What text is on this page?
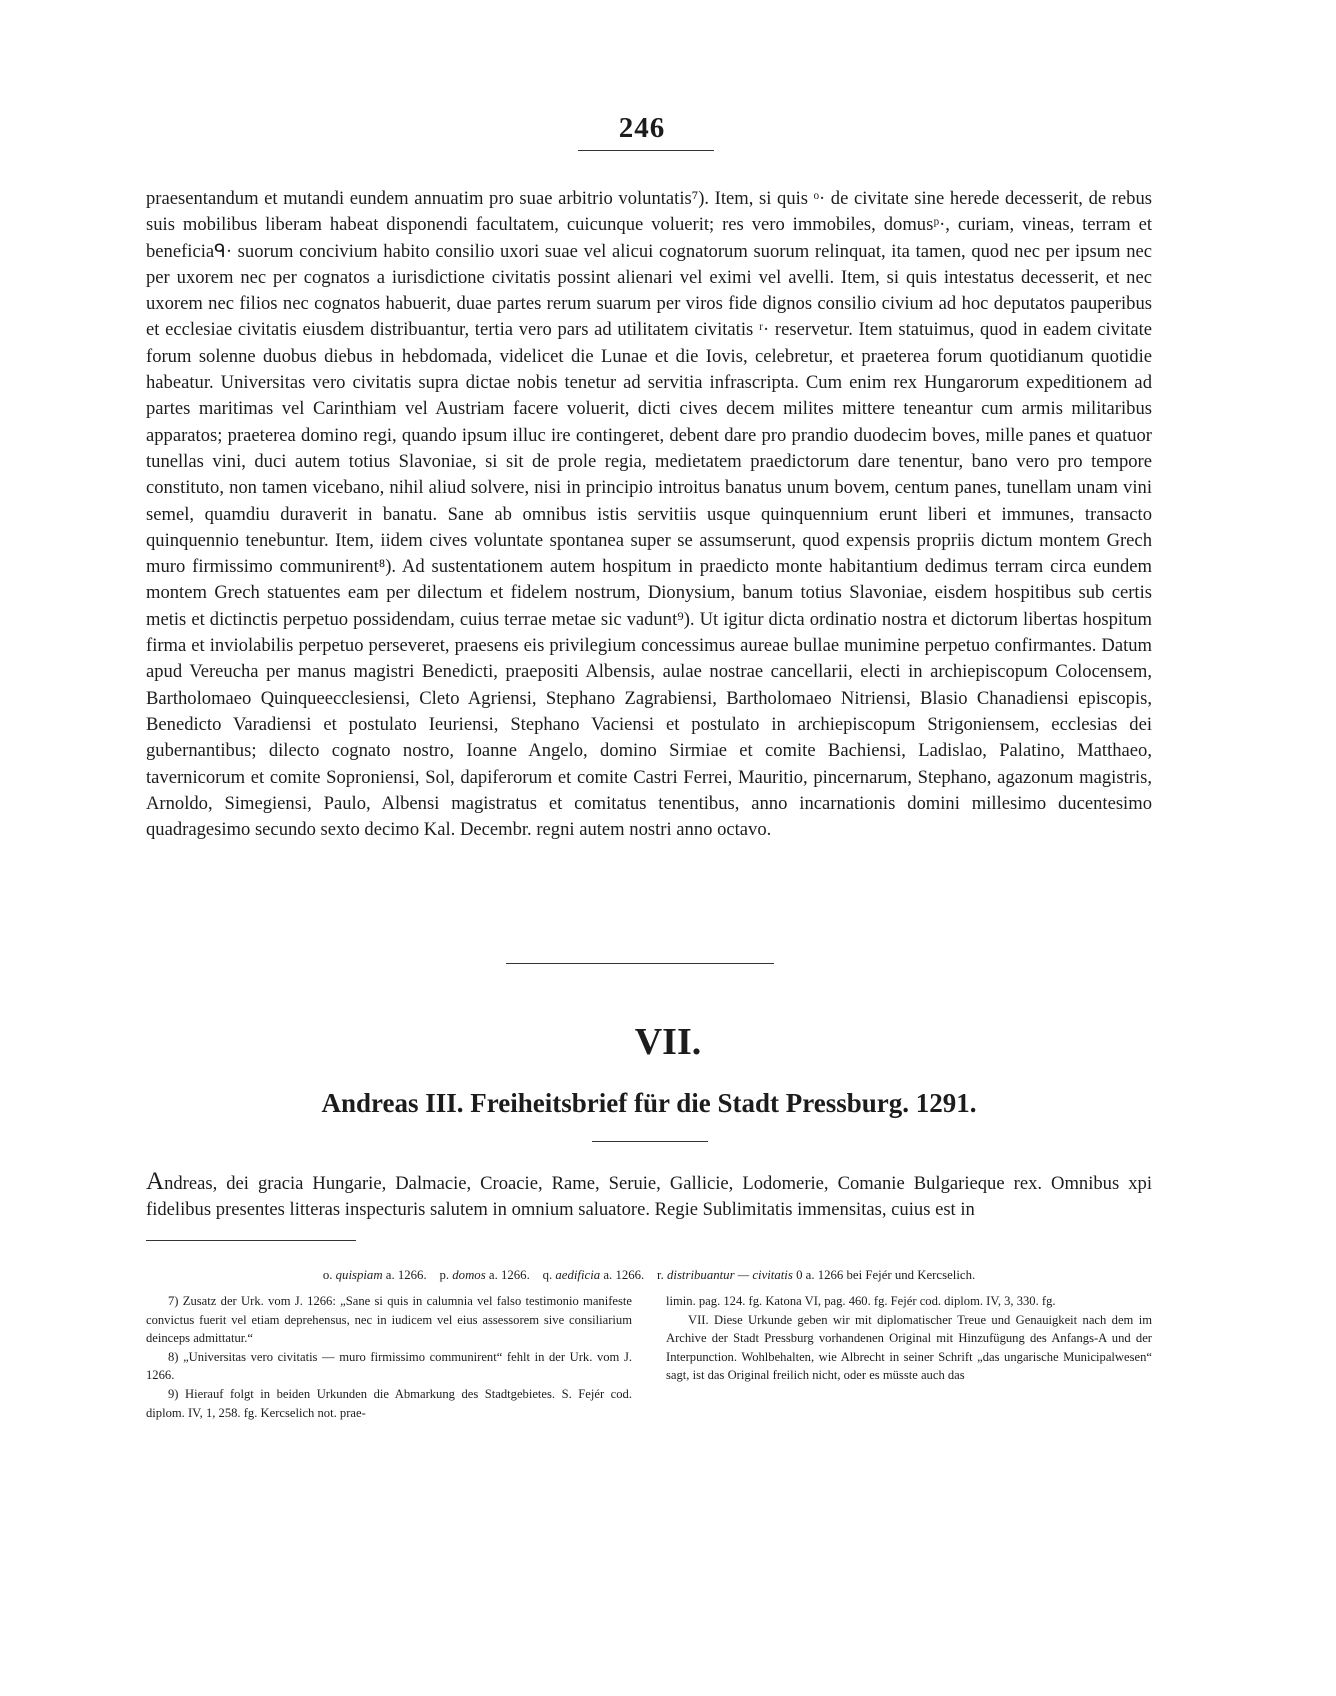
246

praesentandum et mutandi eundem annuatim pro suae arbitrio voluntatis⁷). Item, si quis ᵒ· de civitate sine herede decesserit, de rebus suis mobilibus liberam habeat disponendi facultatem, cuicunque voluerit; res vero immobiles, domusᵖ·, curiam, vineas, terram et beneficiaᑫ· suorum concivium habito consilio uxori suae vel alicui cognatorum suorum relinquat, ita tamen, quod nec per ipsum nec per uxorem nec per cognatos a iurisdictione civitatis possint alienari vel eximi vel avelli. Item, si quis intestatus decesserit, et nec uxorem nec filios nec cognatos habuerit, duae partes rerum suarum per viros fide dignos consilio civium ad hoc deputatos pauperibus et ecclesiae civitatis eiusdem distribuantur, tertia vero pars ad utilitatem civitatis ʳ· reservetur. Item statuimus, quod in eadem civitate forum solenne duobus diebus in hebdomada, videlicet die Lunae et die Iovis, celebretur, et praeterea forum quotidianum quotidie habeatur. Universitas vero civitatis supra dictae nobis tenetur ad servitia infrascripta. Cum enim rex Hungarorum expeditionem ad partes maritimas vel Carinthiam vel Austriam facere voluerit, dicti cives decem milites mittere teneantur cum armis militaribus apparatos; praeterea domino regi, quando ipsum illuc ire contingeret, debent dare pro prandio duodecim boves, mille panes et quatuor tunellas vini, duci autem totius Slavoniae, si sit de prole regia, medietatem praedictorum dare tenentur, bano vero pro tempore constituto, non tamen vicebano, nihil aliud solvere, nisi in principio introitus banatus unum bovem, centum panes, tunellam unam vini semel, quamdiu duraverit in banatu. Sane ab omnibus istis servitiis usque quinquennium erunt liberi et immunes, transacto quinquennio tenebuntur. Item, iidem cives voluntate spontanea super se assumserunt, quod expensis propriis dictum montem Grech muro firmissimo communirent⁸). Ad sustentationem autem hospitum in praedicto monte habitantium dedimus terram circa eundem montem Grech statuentes eam per dilectum et fidelem nostrum, Dionysium, banum totius Slavoniae, eisdem hospitibus sub certis metis et dictinctis perpetuo possidendam, cuius terrae metae sic vadunt⁹). Ut igitur dicta ordinatio nostra et dictorum libertas hospitum firma et inviolabilis perpetuo perseveret, praesens eis privilegium concessimus aureae bullae munimine perpetuo confirmantes. Datum apud Vereucha per manus magistri Benedicti, praepositi Albensis, aulae nostrae cancellarii, electi in archiepiscopum Colocensem, Bartholomaeo Quinqueecclesiensi, Cleto Agriensi, Stephano Zagrabiensi, Bartholomaeo Nitriensi, Blasio Chanadiensi episcopis, Benedicto Varadiensi et postulato Ieuriensi, Stephano Vaciensi et postulato in archiepiscopum Strigoniensem, ecclesias dei gubernantibus; dilecto cognato nostro, Ioanne Angelo, domino Sirmiae et comite Bachiensi, Ladislao, Palatino, Matthaeo, tavernicorum et comite Soproniensi, Sol, dapiferorum et comite Castri Ferrei, Mauritio, pincernarum, Stephano, agazonum magistris, Arnoldo, Simegiensi, Paulo, Albensi magistratus et comitatus tenentibus, anno incarnationis domini millesimo ducentesimo quadragesimo secundo sexto decimo Kal. Decembr. regni autem nostri anno octavo.

VII.
Andreas III. Freiheitsbrief für die Stadt Pressburg. 1291.

Andreas, dei gracia Hungarie, Dalmacie, Croacie, Rame, Seruie, Gallicie, Lodomerie, Comanie Bulgarieque rex. Omnibus xpi fidelibus presentes litteras inspecturis salutem in omnium saluatore. Regie Sublimitatis immensitas, cuius est in

o. quispiam a. 1266. p. domos a. 1266. q. aedificia a. 1266. r. distribuantur — civitatis 0 a. 1266 bei Fejér und Kercselich.

7) Zusatz der Urk. vom J. 1266: „Sane si quis in calumnia vel falso testimonio manifeste convictus fuerit vel etiam deprehensus, nec in iudicem vel eius assessorem sive consiliarium deinceps admittatur.“

8) „Universitas vero civitatis — muro firmissimo communirent“ fehlt in der Urk. vom J. 1266.

9) Hierauf folgt in beiden Urkunden die Abmarkung des Stadtgebietes. S. Fejér cod. diplom. IV, 1, 258. fg. Kercselich not. prae-

limin. pag. 124. fg. Katona VI, pag. 460. fg. Fejér cod. diplom. IV, 3, 330. fg.

VII. Diese Urkunde geben wir mit diplomatischer Treue und Genauigkeit nach dem im Archive der Stadt Pressburg vorhandenen Original mit Hinzufügung des Anfangs-A und der Interpunction. Wohlbehalten, wie Albrecht in seiner Schrift „das ungarische Municipalwesen“ sagt, ist das Original freilich nicht, oder es müsste auch das
